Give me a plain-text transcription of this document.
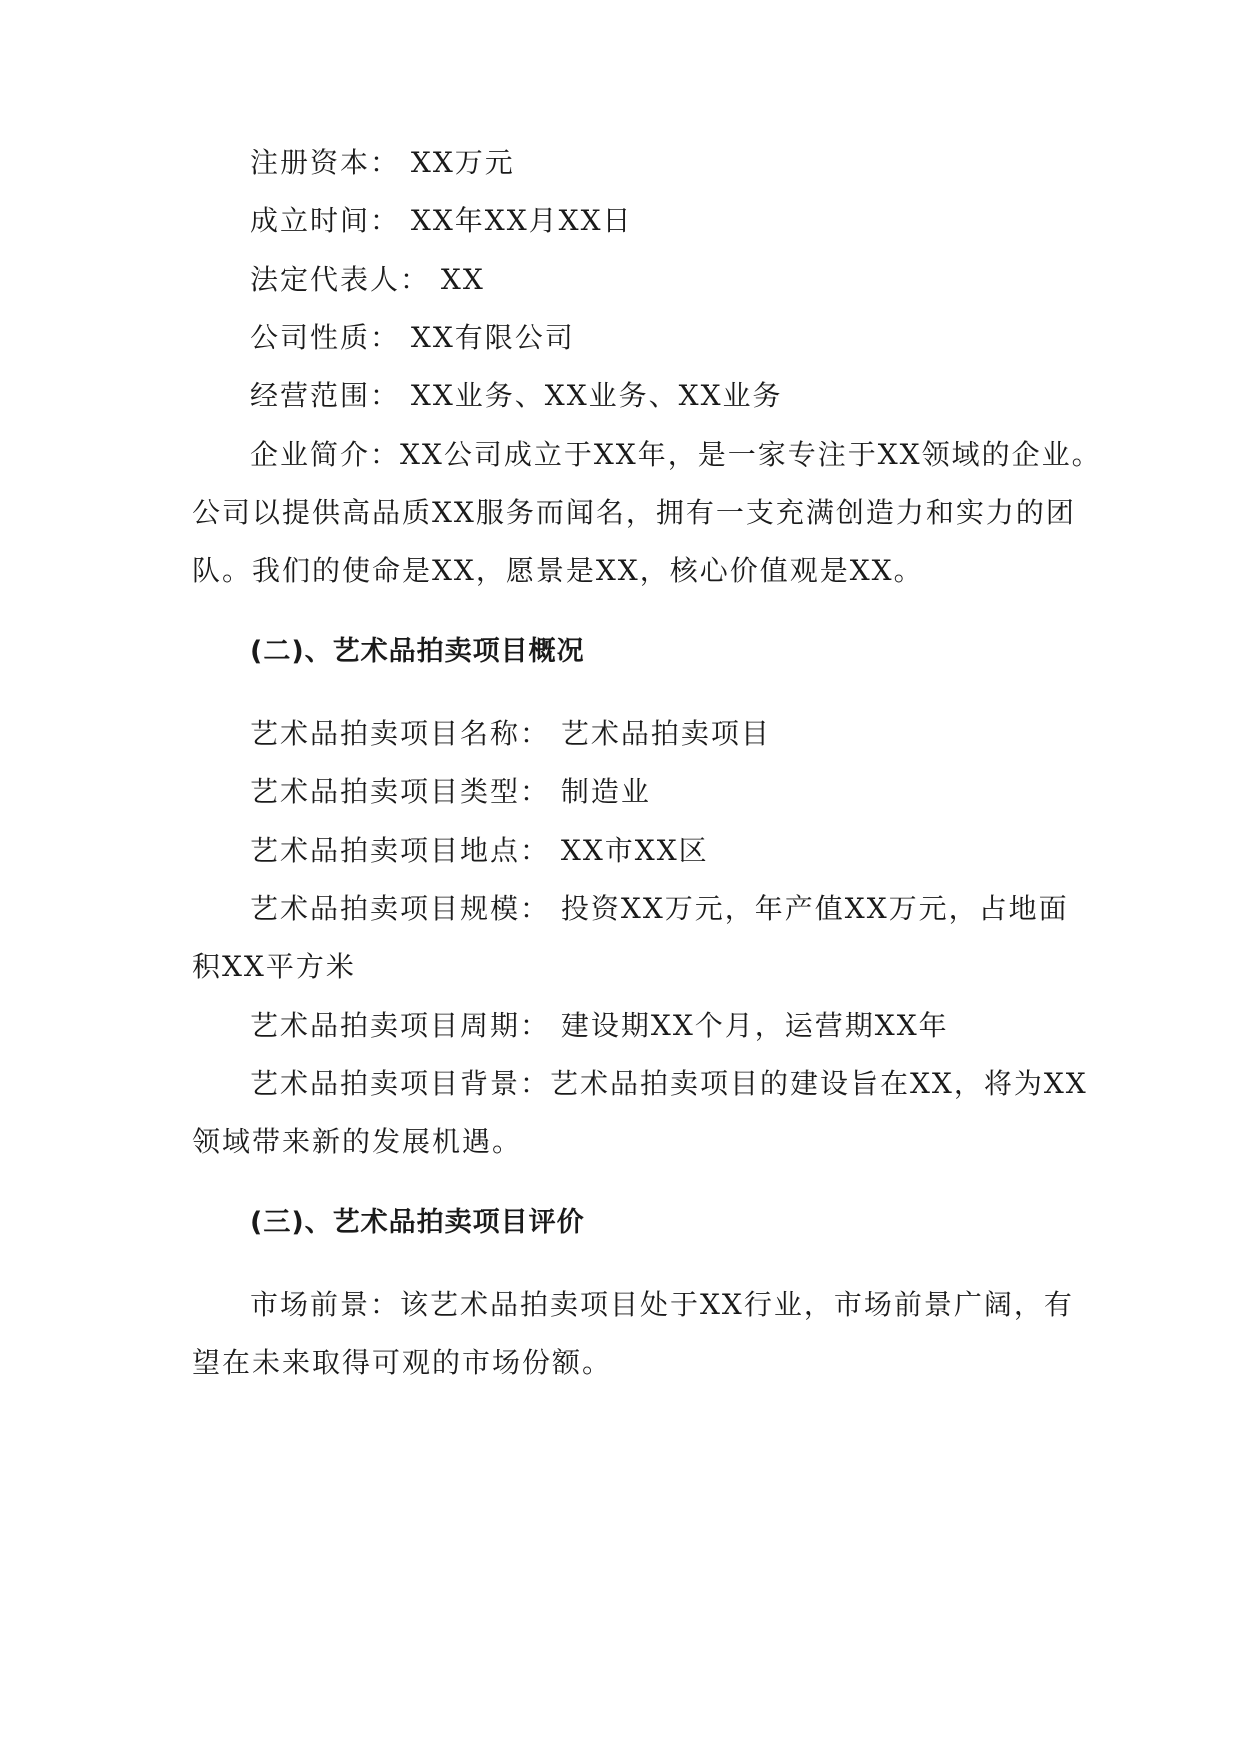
注册资本： XX万元
成立时间： XX年XX月XX日
法定代表人： XX
公司性质： XX有限公司
经营范围： XX业务、XX业务、XX业务
企业简介：XX公司成立于XX年，是一家专注于XX领域的企业。
公司以提供高品质XX服务而闻名，拥有一支充满创造力和实力的团
队。我们的使命是XX，愿景是XX，核心价值观是XX。
(二)、艺术品拍卖项目概况
艺术品拍卖项目名称： 艺术品拍卖项目
艺术品拍卖项目类型： 制造业
艺术品拍卖项目地点： XX市XX区
艺术品拍卖项目规模： 投资XX万元，年产值XX万元，占地面
积XX平方米
艺术品拍卖项目周期： 建设期XX个月，运营期XX年
艺术品拍卖项目背景：艺术品拍卖项目的建设旨在XX，将为XX
领域带来新的发展机遇。
(三)、艺术品拍卖项目评价
市场前景：该艺术品拍卖项目处于XX行业，市场前景广阔，有
望在未来取得可观的市场份额。
